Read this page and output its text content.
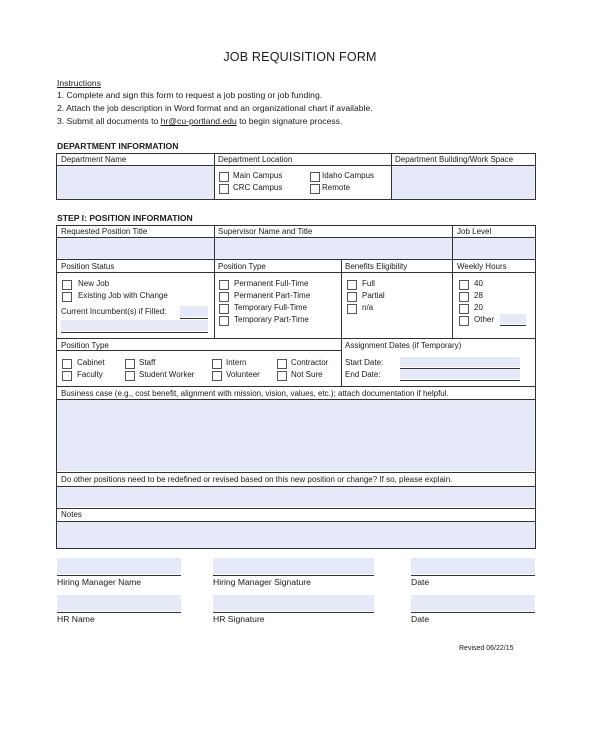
JOB REQUISITION FORM
Instructions
1. Complete and sign this form to request a job posting or job funding.
2. Attach the job description in Word format and an organizational chart if available.
3. Submit all documents to hr@cu-portland.edu to begin signature process.
DEPARTMENT INFORMATION
Department Name	Department Location	Department Building/Work Space
Main Campus
CRC Campus
Idaho Campus
Remote
STEP I: POSITION INFORMATION
Requested Position Title	Supervisor Name and Title	Job Level
Position Status	Position Type	Benefits Eligibility	Weekly Hours
New Job
Existing Job with Change
Current Incumbent(s) if Filled:
Permanent Full-Time
Permanent Part-Time
Temporary Full-Time
Temporary Part-Time
Full
Partial
n/a
40
28
20
Other
Position Type	Assignment Dates (if Temporary)
Cabinet
Faculty
Staff
Student Worker
Intern
Volunteer
Contractor
Not Sure
Start Date:
End Date:
Business case (e.g., cost benefit, alignment with mission, vision, values, etc.); attach documentation if helpful.
Do other positions need to be redefined or revised based on this new position or change? If so, please explain.
Notes
Hiring Manager Name	Hiring Manager Signature	Date
HR Name	HR Signature	Date
Revised 06/22/15
